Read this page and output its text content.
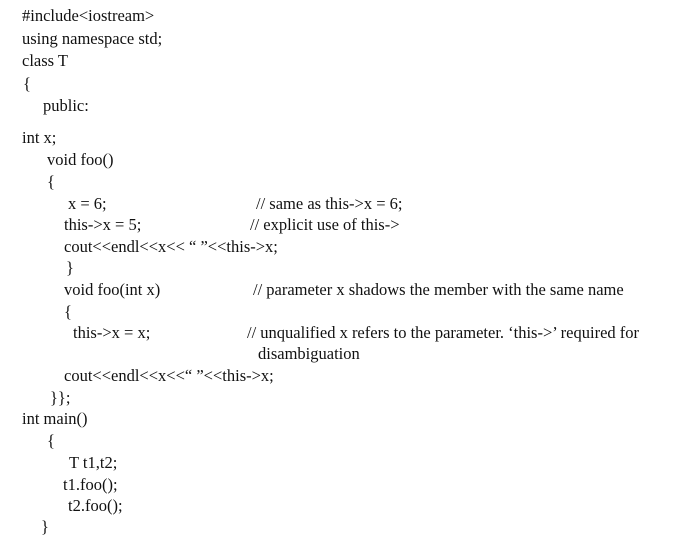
#include<iostream>
using namespace std;
class T
{
public:
int x;
void foo()
{
x = 6;	// same as this->x = 6;
this->x = 5;	// explicit use of this->
cout<<endl<<x<< “ ”<<this->x;
}
void foo(int x)	// parameter x shadows the member with the same name
{
this->x = x;	// unqualified x refers to the parameter. ‘this->’ required for
disambiguation
cout<<endl<<x<<“ ”<<this->x;
}};
int main()
{
T t1,t2;
t1.foo();
t2.foo();
}
